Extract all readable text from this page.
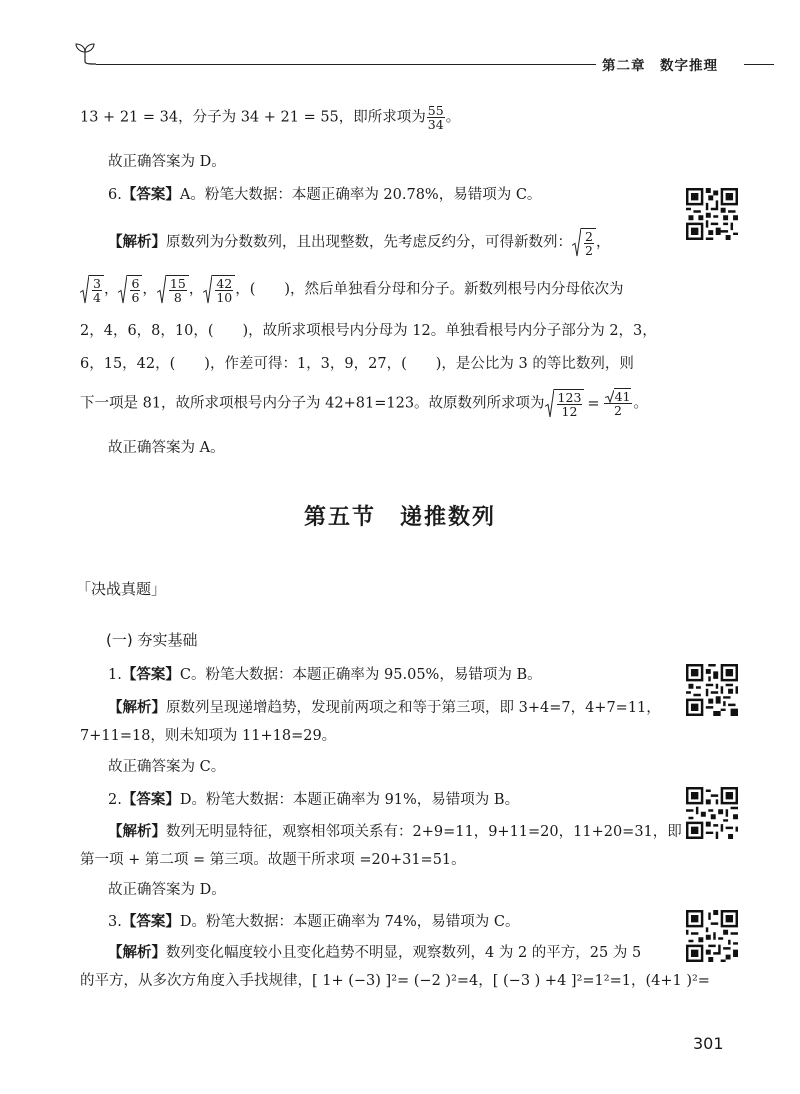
第二章　数字推理
13 + 21 = 34，分子为 34 + 21 = 55，即所求项为 $\frac{55}{34}$ 。
故正确答案为 D。
6.【答案】A。粉笔大数据：本题正确率为 20.78%，易错项为 C。
【解析】原数列为分数数列，且出现整数，先考虑反约分，可得新数列： $\frac{2}{2}$ ，
$\frac{3}{4}$ ， $\frac{6}{6}$ ， $\frac{15}{8}$ ， $\frac{42}{10}$ ，(　　)，然后单独看分母和分子。新数列根号内分母依次为
2，4，6，8，10，(　　)，故所求项根号内分母为 12。单独看根号内分子部分为 2，3，
6，15，42，(　　)，作差可得：1，3，9，27，(　　)，是公比为 3 的等比数列，则
下一项是 81，故所求项根号内分子为 42+81=123。故原数列所求项为 $\frac{123}{12} = \frac{41}{2}$ 。
故正确答案为 A。
第五节 递推数列
「决战真题」
(一) 夯实基础
1.【答案】C。粉笔大数据：本题正确率为 95.05%，易错项为 B。
【解析】原数列呈现递增趋势，发现前两项之和等于第三项，即 3+4=7，4+7=11，
7+11=18，则未知项为 11+18=29。
故正确答案为 C。
2.【答案】D。粉笔大数据：本题正确率为 91%，易错项为 B。
【解析】数列无明显特征，观察相邻项关系有：2+9=11，9+11=20，11+20=31，即
第一项 + 第二项 = 第三项。故题干所求项 =20+31=51。
故正确答案为 D。
3.【答案】D。粉笔大数据：本题正确率为 74%，易错项为 C。
【解析】数列变化幅度较小且变化趋势不明显，观察数列，4 为 2 的平方，25 为 5
的平方，从多次方角度入手找规律，[ 1+ (−3) ]²= (−2 )²=4，[ (−3 ) +4 ]²=1²=1，(4+1 )²=
301
